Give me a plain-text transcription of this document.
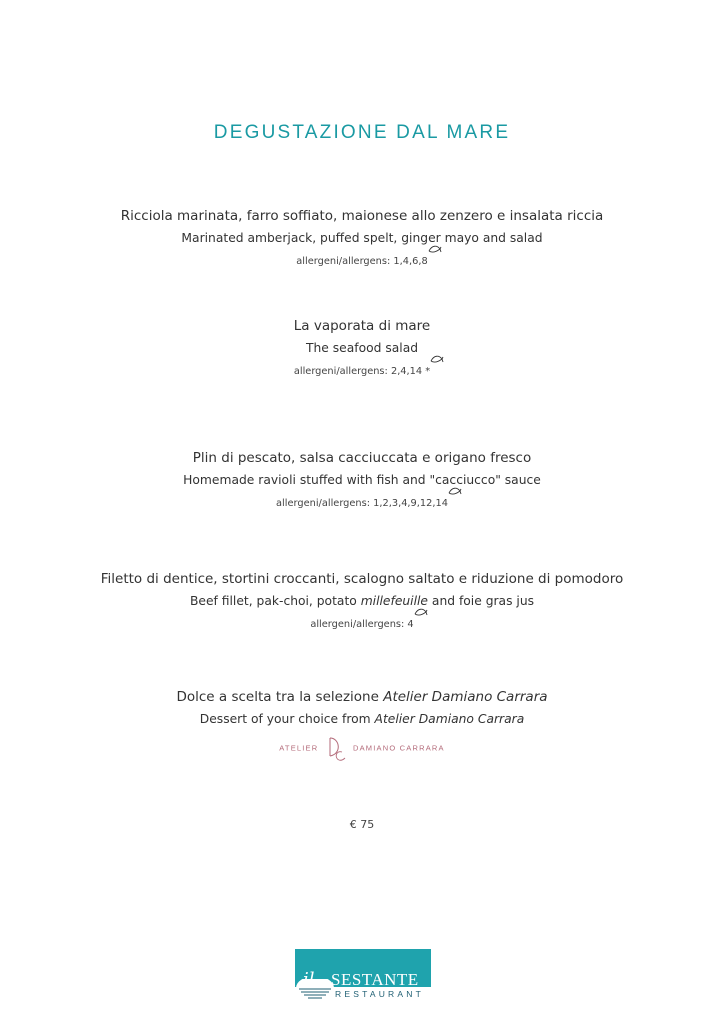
DEGUSTAZIONE DAL MARE
Ricciola marinata, farro soffiato, maionese allo zenzero e insalata riccia
Marinated amberjack, puffed spelt, ginger mayo and salad
allergeni/allergens: 1,4,6,8
La vaporata di mare
The seafood salad
allergeni/allergens: 2,4,14 *
Plin di pescato, salsa cacciuccata e origano fresco
Homemade ravioli stuffed with fish and "cacciucco" sauce
allergeni/allergens: 1,2,3,4,9,12,14
Filetto di dentice, stortini croccanti, scalogno saltato e riduzione di pomodoro
Beef fillet, pak-choi, potato millefeuille and foie gras jus
allergeni/allergens: 4
Dolce a scelta tra la selezione Atelier Damiano Carrara
Dessert of your choice from Atelier Damiano Carrara
ATELIER	DAMIANO CARRARA
€ 75
il SESTANTE
RESTAURANT
